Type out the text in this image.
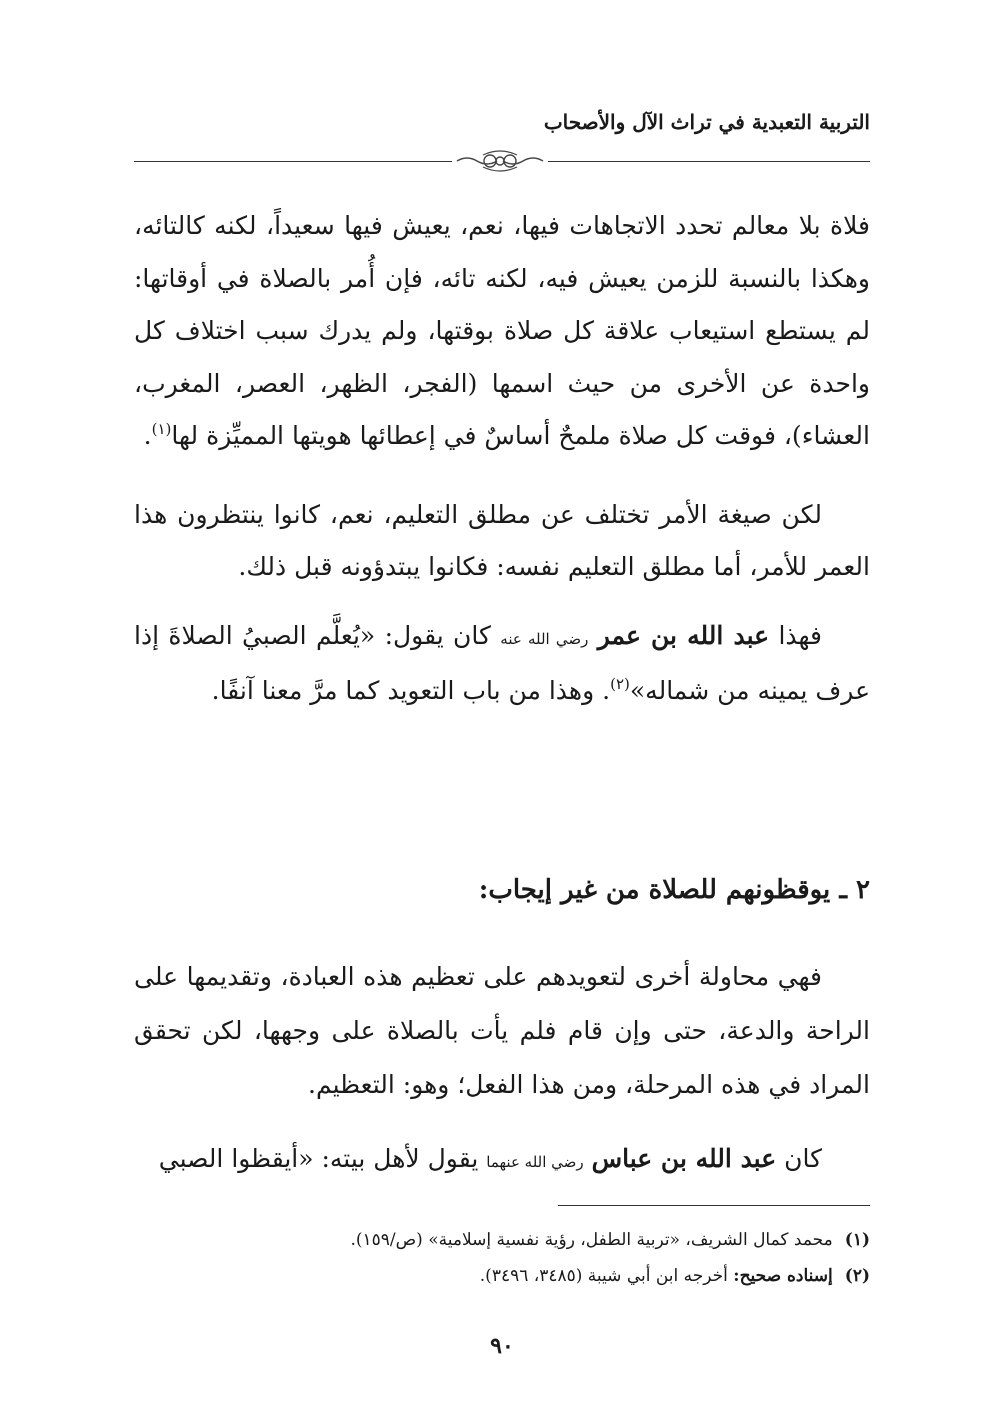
التربية التعبدية في تراث الآل والأصحاب

فلاة بلا معالم تحدد الاتجاهات فيها، نعم، يعيش فيها سعيداً، لكنه كالتائه، وهكذا بالنسبة للزمن يعيش فيه، لكنه تائه، فإن أُمر بالصلاة في أوقاتها: لم يستطع استيعاب علاقة كل صلاة بوقتها، ولم يدرك سبب اختلاف كل واحدة عن الأخرى من حيث اسمها (الفجر، الظهر، العصر، المغرب، العشاء)، فوقت كل صلاة ملمحٌ أساسٌ في إعطائها هويتها المميِّزة لها$^{(١)}$.

لكن صيغة الأمر تختلف عن مطلق التعليم، نعم، كانوا ينتظرون هذا العمر للأمر، أما مطلق التعليم نفسه: فكانوا يبتدؤونه قبل ذلك.

فهذا عبد الله بن عمر رضي الله عنه كان يقول: «يُعلَّم الصبيُ الصلاةَ إذا عرف يمينه من شماله»$^{(٢)}$. وهذا من باب التعويد كما مرَّ معنا آنفًا.

٢ ـ يوقظونهم للصلاة من غير إيجاب:

فهي محاولة أخرى لتعويدهم على تعظيم هذه العبادة، وتقديمها على الراحة والدعة، حتى وإن قام فلم يأت بالصلاة على وجهها، لكن تحقق المراد في هذه المرحلة، ومن هذا الفعل؛ وهو: التعظيم.

كان عبد الله بن عباس رضي الله عنهما يقول لأهل بيته: «أيقظوا الصبي

(١)محمد كمال الشريف، «تربية الطفل، رؤية نفسية إسلامية» (ص/١٥٩).
(٢)إسناده صحيح: أخرجه ابن أبي شيبة (٣٤٨٥، ٣٤٩٦).
٩٠
